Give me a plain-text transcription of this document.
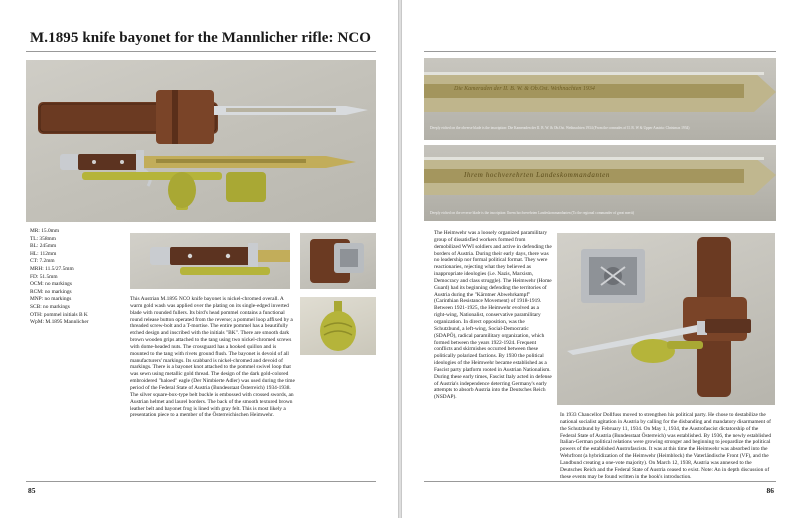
M.1895 knife bayonet for the Mannlicher rifle: NCO
MR: 15.0mm
TL: 358mm
BL: 245mm
HL: 112mm
CT: 7.2mm
MRH: 11.5/27.5mm
FD: 51.5mm
OCM: no markings
RCM: no markings
MNP: no markings
SCB: no markings
OTH: pommel initials B K
WpM: M.1895 Mannlicher
This Austrian M.1895 NCO knife bayonet is nickel-chromed overall. A warm gold wash was applied over the plating on its single-edged inverted blade with rounded fullers. Its bird's head pommel contains a functional round release button operated from the reverse; a pommel loop affixed by a threaded screw-bolt and a T-mortise. The entire pommel has a beautifully etched design and inscribed with the initials "BK". There are smooth dark brown wooden grips attached to the tang using two nickel-chromed screws with dome-headed nuts. The crossguard has a hooked quillon and is mounted to the tang with rivets ground flush. The bayonet is devoid of all manufacturers' markings. Its scabbard is nickel-chromed and devoid of markings. There is a bayonet knot attached to the pommel swivel loop that was sewn using metallic gold thread. The design of the dark gold-colored embroidered "haloed" eagle (Der Nimbierte Adler) was used during the time period of the Federal State of Austria (Bundesstaat Österreich) 1934-1938. The silver square-box-type belt buckle is embossed with crossed swords, an Austrian helmet and laurel borders. The back of the smooth textured brown leather belt and bayonet frog is lined with gray felt. This is most likely a presentation piece to a member of the Österreichischen Heimwehr.
85
Die Kameraden der II. B. W. & Ob.Ost. Weihnachten 1934
Deeply etched on the obverse blade is the inscription: Die Kameraden der II. B. W. & Ob.Ost. Weihnachten 1934 (From the comrades of II. B. W & Upper Austria: Christmas 1934)
Ihrem hochverehrten Landeskommandanten
Deeply etched on the reverse blade is the inscription: Ihrem hochverehrten Landeskommandanten (To the regional commander of great merit)
The Heimwehr was a loosely organized paramilitary group of dissatisfied workers formed from demobilized WWI soldiers and active in defending the borders of Austria. During their early days, there was no leadership nor formal political format. They were reactionaries, rejecting what they believed as inappropriate ideologies (i.e. Nazis, Marxism, Democracy and class struggle). The Heimwehr (Home Guard) had its beginning defending the territories of Austria during the "Kärntner Abwehrkampf" (Carinthian Resistance Movement) of 1918-1919. Between 1921-1925, the Heimwehr evolved as a right-wing, Nationalist, conservative paramilitary organization. In direct opposition, was the Schutzbund, a left-wing, Social-Democratic (SDAPÖ), radical paramilitary organization, which formed between the years 1922-1924. Frequent conflicts and skirmishes occurred between these politically polarized factions. By 1930 the political ideologies of the Heimwehr became established as a Fascist party platform rooted in Austrian Nationalism. During these early times, Fascist Italy acted in defense of Austria's independence deterring Germany's early attempts to absorb Austria into the Deutsches Reich (NSDAP).
In 1933 Chancellor Dollfuss moved to strengthen his political party. He chose to destabilize the national socialist agitation in Austria by calling for the disbanding and mandatory disarmament of the Schutzbund by February 11, 1934. On May 1, 1934, the Austrofascist dictatorship of the Federal State of Austria (Bundesstaat Österreich) was established. By 1936, the newly established Italian-German political relations were growing stronger and beginning to jeopardize the political powers of the established Austrofascists. It was at this time the Heimwehr was absorbed into the Wehrfront (a hybridization of the Heimwehr (Heimblock) the Vaterländische Front (VF), and the Landbund creating a one-vote majority). On March 12, 1938, Austria was annexed to the Deutsches Reich and the Federal State of Austria ceased to exist. Note: An in depth discussion of these events may be found written in the book's introduction.
86
